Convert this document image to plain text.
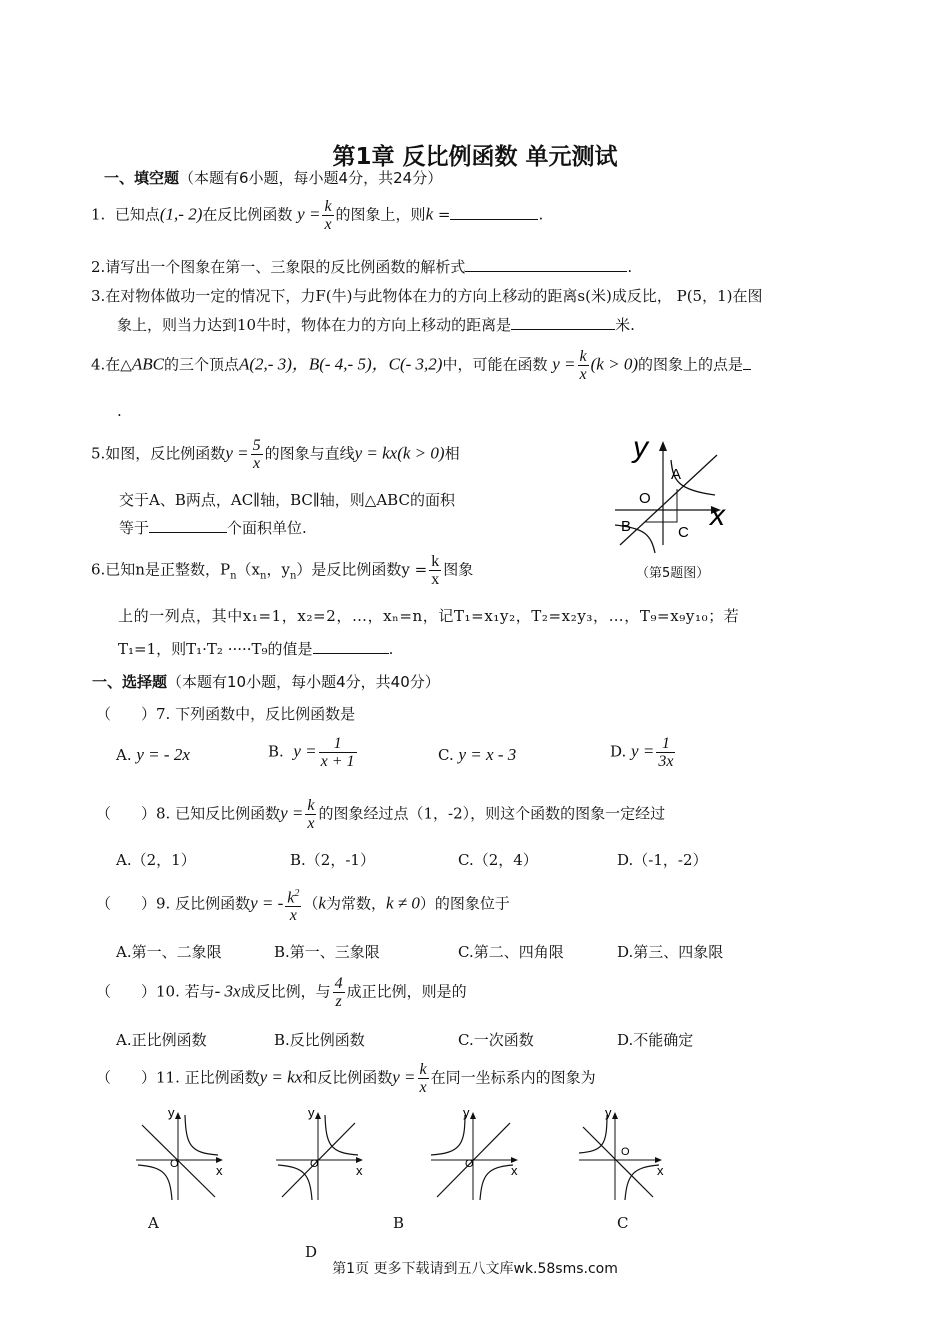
第1章 反比例函数 单元测试
一、填空题（本题有6小题，每小题4分，共24分）
1. 已知点(1,- 2)在反比例函数 $y = \frac{k}{x}$ 的图象上，则k =	.
2.请写出一个图象在第一、三象限的反比例函数的解析式	.
3.在对物体做功一定的情况下，力F(牛)与此物体在力的方向上移动的距离s(米)成反比， P(5，1)在图
象上，则当力达到10牛时，物体在力的方向上移动的距离是	米.
4.在△ABC的三个顶点A(2,- 3)，B(- 4,- 5)，C(- 3,2)中，可能在函数 $y = \frac{k}{x} (k > 0)$的图象上的点是
.
5.如图，反比例函数$y = \frac{5}{x}$ 的图象与直线y = kx(k > 0)相
交于A、B两点，AC∥轴，BC∥轴，则△ABC的面积
等于	个面积单位.
y
x
O
A
B	C
（第5题图）
6.已知n是正整数，$P_n(x_n$，$y_n$）是反比例函数$y = \frac{k}{x}$ 图象
上的一列点，其中x₁=1，x₂=2，…，xₙ=n，记T₁=x₁y₂，T₂=x₂y₃，…，T₉=x₉y₁₀；若
T₁=1，则T₁·T₂ ·····T₉的值是	.
一、选择题（本题有10小题，每小题4分，共40分）
（　　）7. 下列函数中，反比例函数是
A. y = - 2x	B. $y = \frac{1}{x + 1}$	C. y = x - 3	D. $y = \frac{1}{3x}$
（　　）8. 已知反比例函数$y = \frac{k}{x}$ 的图象经过点（1，-2），则这个函数的图象一定经过
A.（2，1）	B.（2，-1）	C.（2，4）	D.（-1，-2）
（　　）9. 反比例函数y = - $\frac{k^2}{x} (k$为常数，k ≠ 0）的图象位于
A.第一、二象限	B.第一、三象限	C.第二、四角限	D.第三、四象限
（　　）10. 若与- 3x成反比例，与 $\frac{4}{z}$ 成正比例，则是的
A.正比例函数	B.反比例函数	C.一次函数	D.不能确定
（　　）11. 正比例函数y = kx和反比例函数$y = \frac{k}{x}$ 在同一坐标系内的图象为
y
x
O
y
x
O
y
x
O
y
x
O
A	B	C
D
第1页 更多下载请到五八文库wk.58sms.com
